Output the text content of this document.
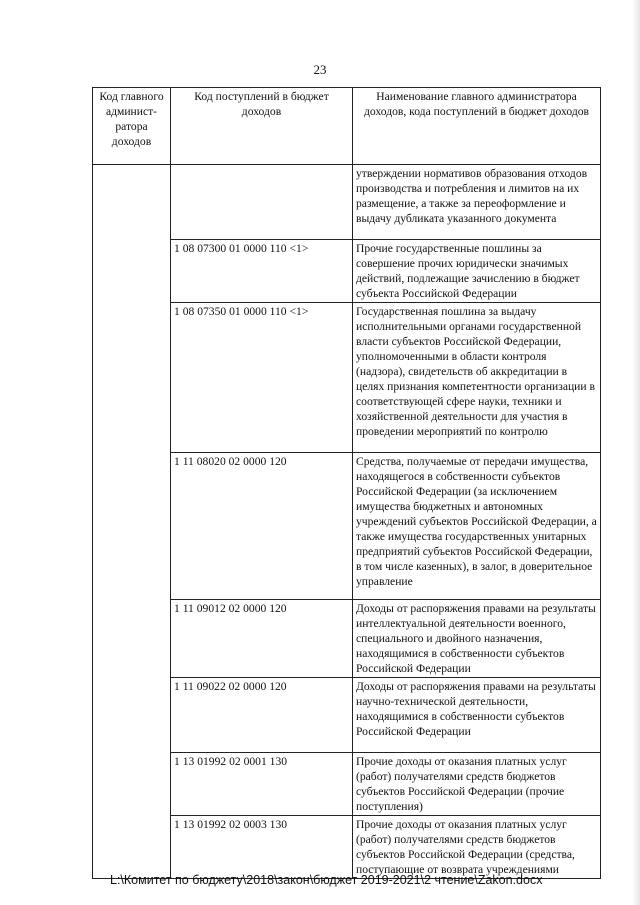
23
Код главного админист-ратора доходов	Код поступлений в бюджет доходов	Наименование главного администратора доходов, кода поступлений в бюджет доходов
		утверждении нормативов образования отходов производства и потребления и лимитов на их размещение, а также за переоформление и выдачу дубликата указанного документа
	1 08 07300 01 0000 110 <1>	Прочие государственные пошлины за совершение прочих юридически значимых действий, подлежащие зачислению в бюджет субъекта Российской Федерации
	1 08 07350 01 0000 110 <1>	Государственная пошлина за выдачу исполнительными органами государственной власти субъектов Российской Федерации, уполномоченными в области контроля (надзора), свидетельств об аккредитации в целях признания компетентности организации в соответствующей сфере науки, техники и хозяйственной деятельности для участия в проведении мероприятий по контролю
	1 11 08020 02 0000 120	Средства, получаемые от передачи имущества, находящегося в собственности субъектов Российской Федерации (за исключением имущества бюджетных и автономных учреждений субъектов Российской Федерации, а также имущества государственных унитарных предприятий субъектов Российской Федерации, в том числе казенных), в залог, в доверительное управление
	1 11 09012 02 0000 120	Доходы от распоряжения правами на результаты интеллектуальной деятельности военного, специального и двойного назначения, находящимися в собственности субъектов Российской Федерации
	1 11 09022 02 0000 120	Доходы от распоряжения правами на результаты научно-технической деятельности, находящимися в собственности субъектов Российской Федерации
	1 13 01992 02 0001 130	Прочие доходы от оказания платных услуг (работ) получателями средств бюджетов субъектов Российской Федерации (прочие поступления)
	1 13 01992 02 0003 130	Прочие доходы от оказания платных услуг (работ) получателями средств бюджетов субъектов Российской Федерации (средства, поступающие от возврата учреждениями
L:\Комитет по бюджету\2018\закон\бюджет 2019-2021\2 чтение\Zakon.docx
